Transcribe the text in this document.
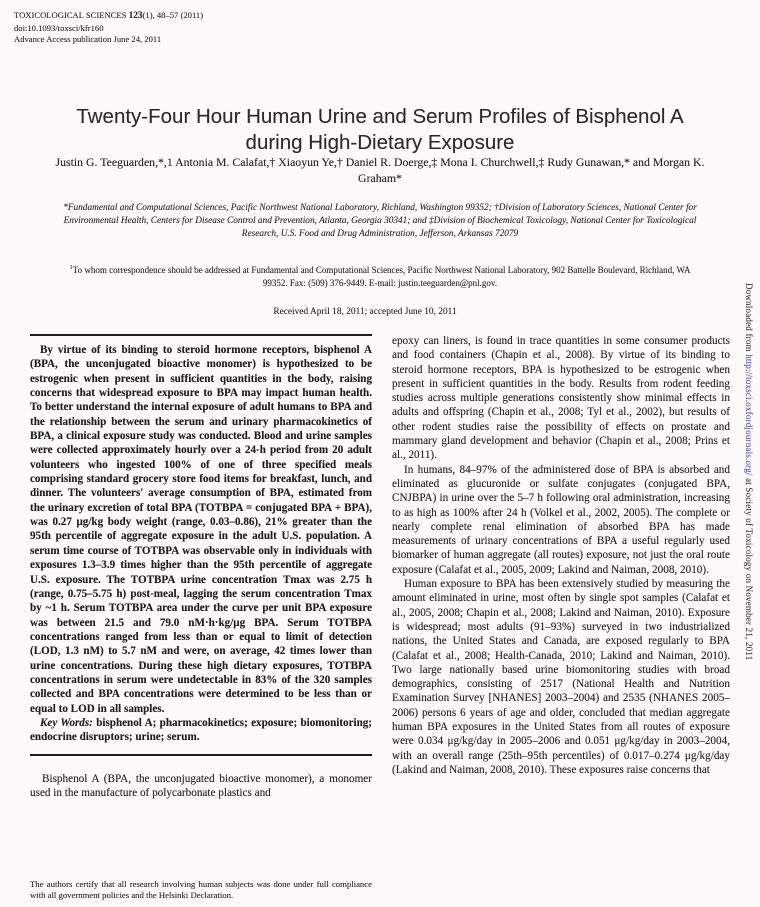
TOXICOLOGICAL SCIENCES 123(1), 48–57 (2011)
doi:10.1093/toxsci/kfr160
Advance Access publication June 24, 2011
Twenty-Four Hour Human Urine and Serum Profiles of Bisphenol A during High-Dietary Exposure
Justin G. Teeguarden,*,1 Antonia M. Calafat,† Xiaoyun Ye,† Daniel R. Doerge,‡ Mona I. Churchwell,‡ Rudy Gunawan,* and Morgan K. Graham*
*Fundamental and Computational Sciences, Pacific Northwest National Laboratory, Richland, Washington 99352; †Division of Laboratory Sciences, National Center for Environmental Health, Centers for Disease Control and Prevention, Atlanta, Georgia 30341; and ‡Division of Biochemical Toxicology, National Center for Toxicological Research, U.S. Food and Drug Administration, Jefferson, Arkansas 72079
$^1$To whom correspondence should be addressed at Fundamental and Computational Sciences, Pacific Northwest National Laboratory, 902 Battelle Boulevard, Richland, WA 99352. Fax: (509) 376-9449. E-mail: justin.teeguarden@pnl.gov.
Received April 18, 2011; accepted June 10, 2011

By virtue of its binding to steroid hormone receptors, bisphenol A (BPA, the unconjugated bioactive monomer) is hypothesized to be estrogenic when present in sufficient quantities in the body, raising concerns that widespread exposure to BPA may impact human health. To better understand the internal exposure of adult humans to BPA and the relationship between the serum and urinary pharmacokinetics of BPA, a clinical exposure study was conducted. Blood and urine samples were collected approximately hourly over a 24-h period from 20 adult volunteers who ingested 100% of one of three specified meals comprising standard grocery store food items for breakfast, lunch, and dinner. The volunteers' average consumption of BPA, estimated from the urinary excretion of total BPA (TOTBPA = conjugated BPA + BPA), was 0.27 μg/kg body weight (range, 0.03–0.86), 21% greater than the 95th percentile of aggregate exposure in the adult U.S. population. A serum time course of TOTBPA was observable only in individuals with exposures 1.3–3.9 times higher than the 95th percentile of aggregate U.S. exposure. The TOTBPA urine concentration Tmax was 2.75 h (range, 0.75–5.75 h) post-meal, lagging the serum concentration Tmax by ~1 h. Serum TOTBPA area under the curve per unit BPA exposure was between 21.5 and 79.0 nM·h·kg/μg BPA. Serum TOTBPA concentrations ranged from less than or equal to limit of detection (LOD, 1.3 nM) to 5.7 nM and were, on average, 42 times lower than urine concentrations. During these high dietary exposures, TOTBPA concentrations in serum were undetectable in 83% of the 320 samples collected and BPA concentrations were determined to be less than or equal to LOD in all samples.

Key Words: bisphenol A; pharmacokinetics; exposure; biomonitoring; endocrine disruptors; urine; serum.

Bisphenol A (BPA, the unconjugated bioactive monomer), a monomer used in the manufacture of polycarbonate plastics and

The authors certify that all research involving human subjects was done under full compliance with all government policies and the Helsinki Declaration.

epoxy can liners, is found in trace quantities in some consumer products and food containers (Chapin et al., 2008). By virtue of its binding to steroid hormone receptors, BPA is hypothesized to be estrogenic when present in sufficient quantities in the body. Results from rodent feeding studies across multiple generations consistently show minimal effects in adults and offspring (Chapin et al., 2008; Tyl et al., 2002), but results of other rodent studies raise the possibility of effects on prostate and mammary gland development and behavior (Chapin et al., 2008; Prins et al., 2011).

In humans, 84–97% of the administered dose of BPA is absorbed and eliminated as glucuronide or sulfate conjugates (conjugated BPA, CNJBPA) in urine over the 5–7 h following oral administration, increasing to as high as 100% after 24 h (Volkel et al., 2002, 2005). The complete or nearly complete renal elimination of absorbed BPA has made measurements of urinary concentrations of BPA a useful regularly used biomarker of human aggregate (all routes) exposure, not just the oral route exposure (Calafat et al., 2005, 2009; Lakind and Naiman, 2008, 2010).

Human exposure to BPA has been extensively studied by measuring the amount eliminated in urine, most often by single spot samples (Calafat et al., 2005, 2008; Chapin et al., 2008; Lakind and Naiman, 2010). Exposure is widespread; most adults (91–93%) surveyed in two industrialized nations, the United States and Canada, are exposed regularly to BPA (Calafat et al., 2008; Health-Canada, 2010; Lakind and Naiman, 2010). Two large nationally based urine biomonitoring studies with broad demographics, consisting of 2517 (National Health and Nutrition Examination Survey [NHANES] 2003–2004) and 2535 (NHANES 2005–2006) persons 6 years of age and older, concluded that median aggregate human BPA exposures in the United States from all routes of exposure were 0.034 μg/kg/day in 2005–2006 and 0.051 μg/kg/day in 2003–2004, with an overall range (25th–95th percentiles) of 0.017–0.274 μg/kg/day (Lakind and Naiman, 2008, 2010). These exposures raise concerns that

Downloaded from http://toxsci.oxfordjournals.org/ at Society of Toxicology on November 21, 2011
